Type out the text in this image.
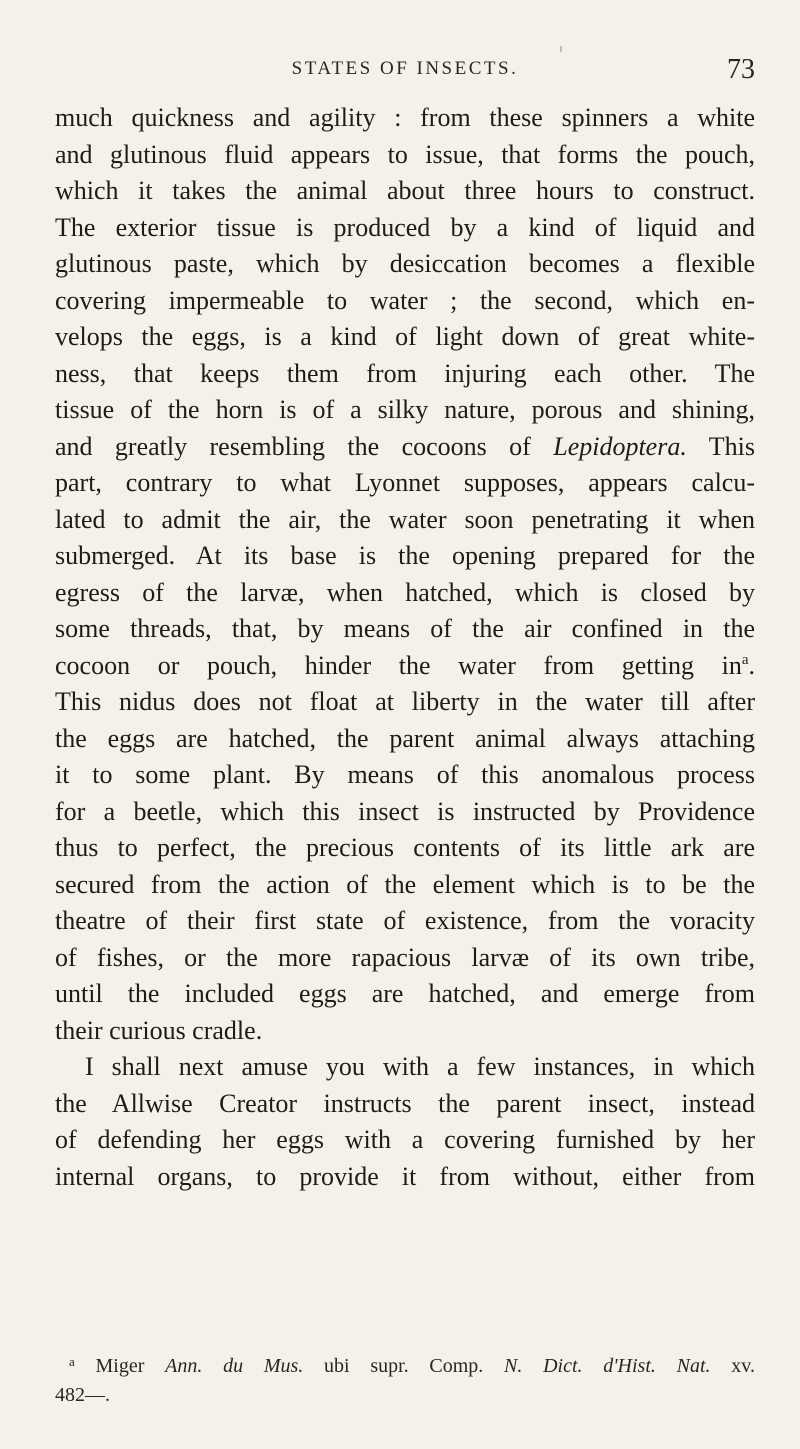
STATES OF INSECTS.	73
much quickness and agility : from these spinners a white
and glutinous fluid appears to issue, that forms the pouch,
which it takes the animal about three hours to construct.
The exterior tissue is produced by a kind of liquid and
glutinous paste, which by desiccation becomes a flexible
covering impermeable to water ; the second, which en-
velops the eggs, is a kind of light down of great white-
ness, that keeps them from injuring each other. The
tissue of the horn is of a silky nature, porous and shining,
and greatly resembling the cocoons of Lepidoptera. This
part, contrary to what Lyonnet supposes, appears calcu-
lated to admit the air, the water soon penetrating it when
submerged. At its base is the opening prepared for the
egress of the larvæ, when hatched, which is closed by
some threads, that, by means of the air confined in the
cocoon or pouch, hinder the water from getting in$^a$.
This nidus does not float at liberty in the water till after
the eggs are hatched, the parent animal always attaching
it to some plant. By means of this anomalous process
for a beetle, which this insect is instructed by Providence
thus to perfect, the precious contents of its little ark are
secured from the action of the element which is to be the
theatre of their first state of existence, from the voracity
of fishes, or the more rapacious larvæ of its own tribe,
until the included eggs are hatched, and emerge from
their curious cradle.
I shall next amuse you with a few instances, in which
the Allwise Creator instructs the parent insect, instead
of defending her eggs with a covering furnished by her
internal organs, to provide it from without, either from
$^a$ Miger Ann. du Mus. ubi supr. Comp. N. Dict. d'Hist. Nat. xv.
482—.
